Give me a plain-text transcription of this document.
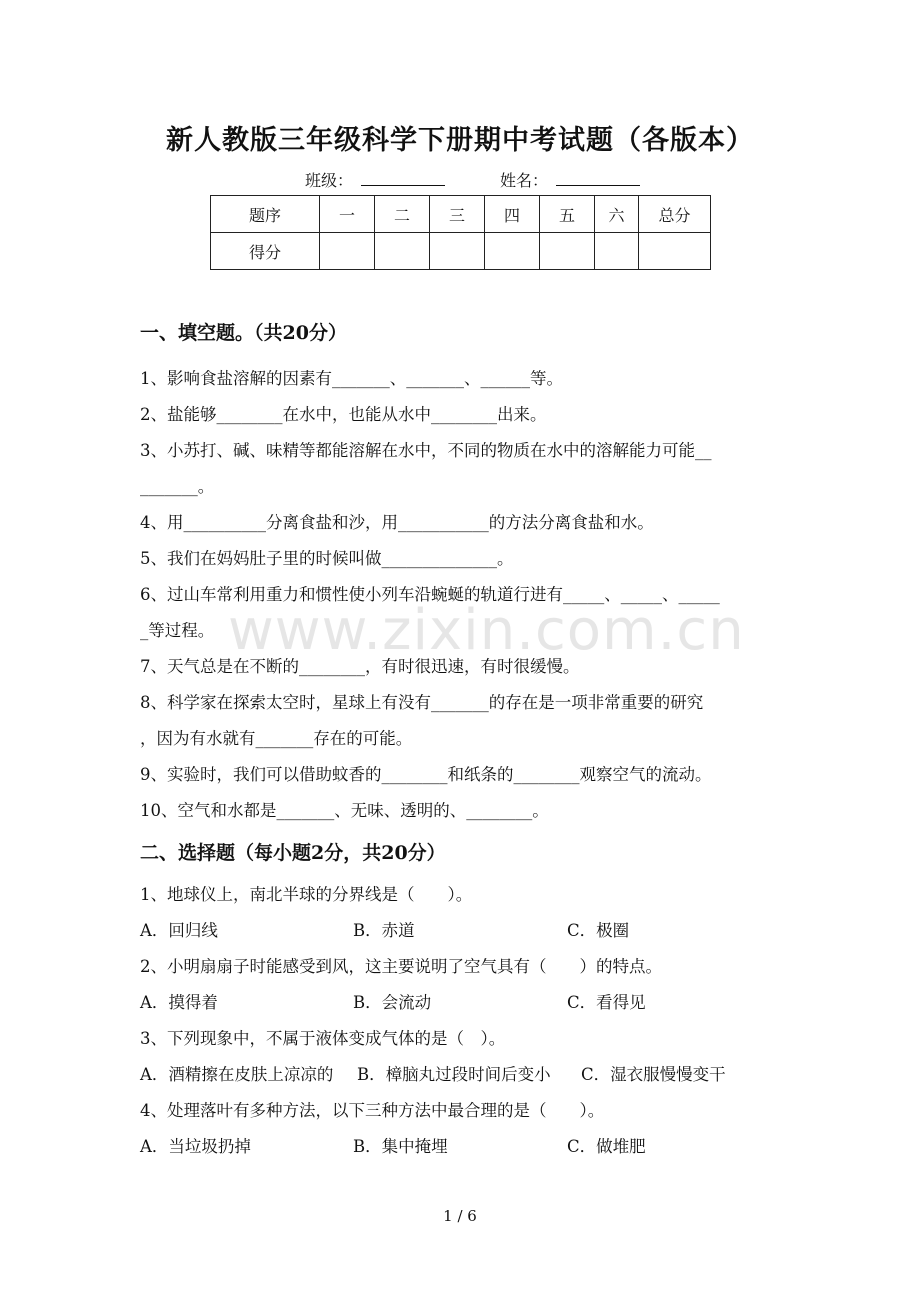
新人教版三年级科学下册期中考试题（各版本）
班级：	姓名：
题序	一	二	三	四	五	六	总分
得分							
一、填空题。（共20分）
1、影响食盐溶解的因素有_______、_______、______等。
2、盐能够________在水中，也能从水中________出来。
3、小苏打、碱、味精等都能溶解在水中，不同的物质在水中的溶解能力可能__
_______。
4、用__________分离食盐和沙，用___________的方法分离食盐和水。
5、我们在妈妈肚子里的时候叫做______________。
6、过山车常利用重力和惯性使小列车沿蜿蜒的轨道行进有_____、_____、_____
_等过程。
7、天气总是在不断的________，有时很迅速，有时很缓慢。
8、科学家在探索太空时，星球上有没有_______的存在是一项非常重要的研究
，因为有水就有_______存在的可能。
9、实验时，我们可以借助蚊香的________和纸条的________观察空气的流动。
10、空气和水都是_______、无味、透明的、________。
二、选择题（每小题2分，共20分）
1、地球仪上，南北半球的分界线是（　　）。
A．回归线	B．赤道	C．极圈
2、小明扇扇子时能感受到风，这主要说明了空气具有（　　）的特点。
A．摸得着	B．会流动	C．看得见
3、下列现象中，不属于液体变成气体的是（　）。
A．酒精擦在皮肤上凉凉的 B．樟脑丸过段时间后变小 C．湿衣服慢慢变干
4、处理落叶有多种方法，以下三种方法中最合理的是（　　）。
A．当垃圾扔掉	B．集中掩埋	C．做堆肥
www.zixin.com.cn
1 / 6
